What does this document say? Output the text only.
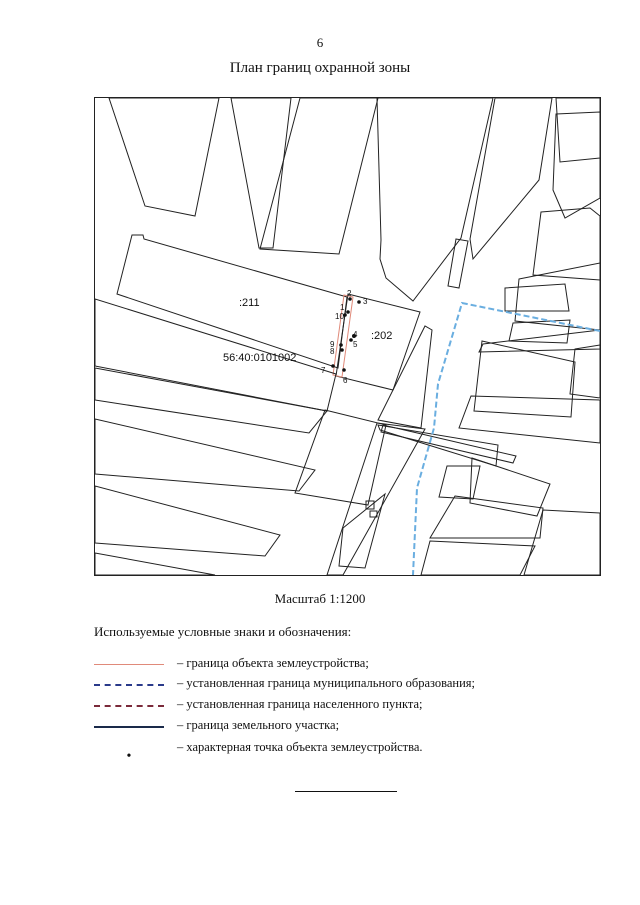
6
План границ охранной зоны
2
3
1
10
4
5
9
8
7
6
:211
:202
56:40:0101002
Масштаб 1:1200
Используемые условные знаки и обозначения:
– граница объекта землеустройства;
– установленная граница муниципального образования;
– установленная граница населенного пункта;
– граница земельного участка;
•
– характерная точка объекта землеустройства.
